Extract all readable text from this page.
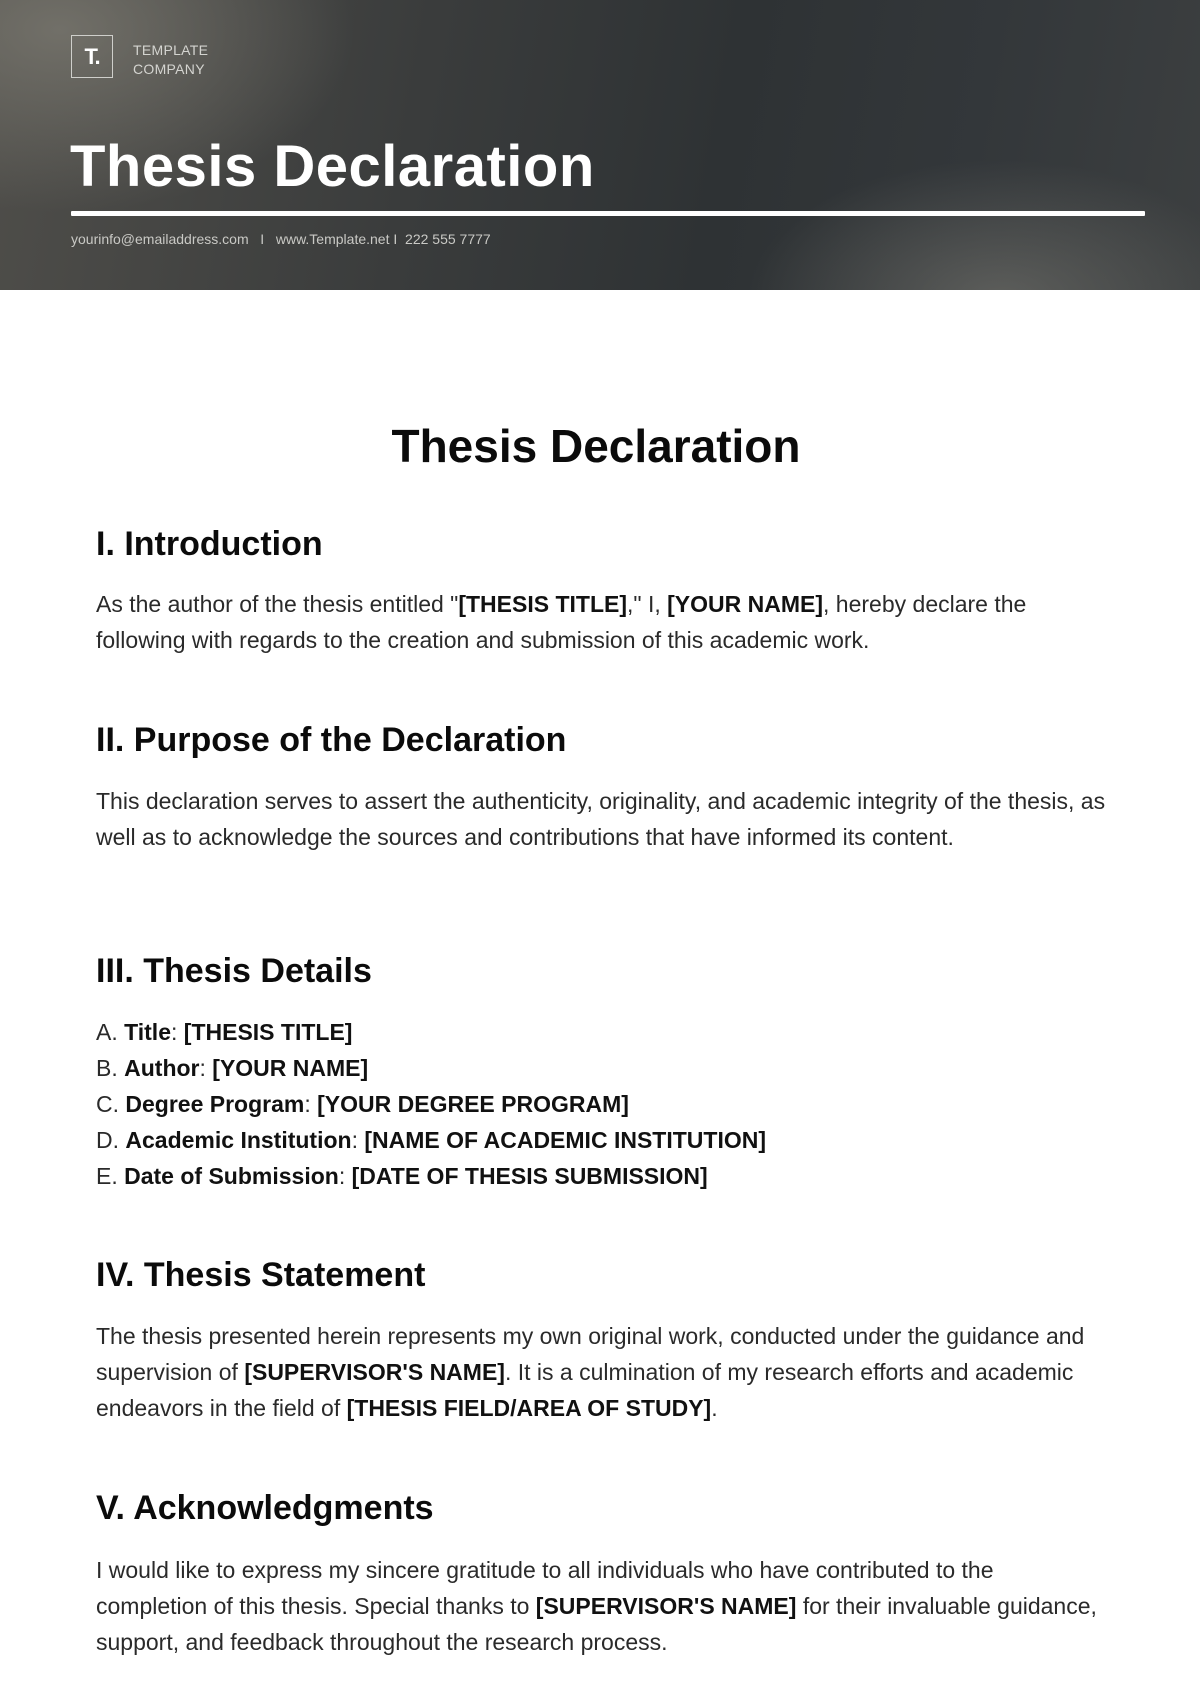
T. TEMPLATE
COMPANY
Thesis Declaration
yourinfo@emailaddress.com   I   www.Template.net I  222 555 7777
Thesis Declaration
I. Introduction

As the author of the thesis entitled "[THESIS TITLE]," I, [YOUR NAME], hereby declare the following with regards to the creation and submission of this academic work.

II. Purpose of the Declaration

This declaration serves to assert the authenticity, originality, and academic integrity of the thesis, as well as to acknowledge the sources and contributions that have informed its content.

III. Thesis Details
A. Title: [THESIS TITLE]
B. Author: [YOUR NAME]
C. Degree Program: [YOUR DEGREE PROGRAM]
D. Academic Institution: [NAME OF ACADEMIC INSTITUTION]
E. Date of Submission: [DATE OF THESIS SUBMISSION]
IV. Thesis Statement

The thesis presented herein represents my own original work, conducted under the guidance and supervision of [SUPERVISOR'S NAME]. It is a culmination of my research efforts and academic endeavors in the field of [THESIS FIELD/AREA OF STUDY].

V. Acknowledgments

I would like to express my sincere gratitude to all individuals who have contributed to the completion of this thesis. Special thanks to [SUPERVISOR'S NAME] for their invaluable guidance, support, and feedback throughout the research process.
